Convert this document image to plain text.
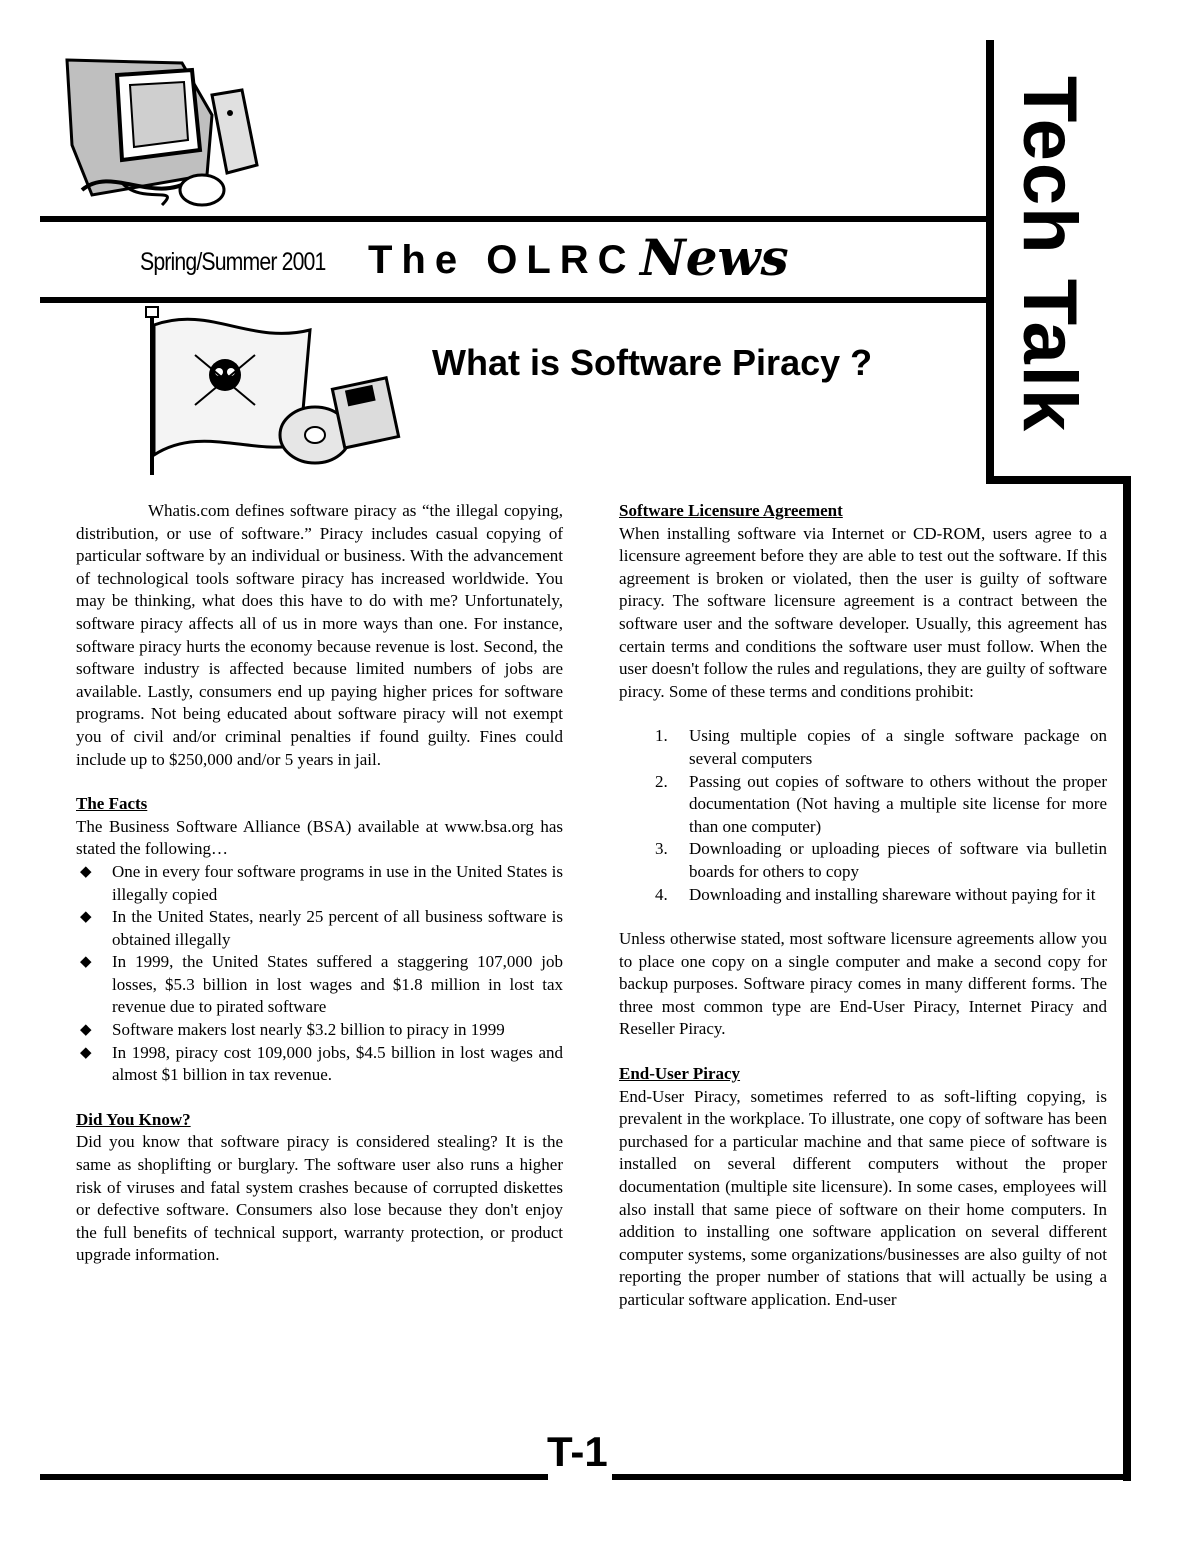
Spring/Summer 2001 The OLRC News	Tech Talk
What is Software Piracy ?

Whatis.com defines software piracy as “the illegal copying, distribution, or use of software.” Piracy includes casual copying of particular software by an individual or business. With the advancement of technological tools software piracy has increased worldwide. You may be thinking, what does this have to do with me? Unfortunately, software piracy affects all of us in more ways than one. For instance, software piracy hurts the economy because revenue is lost. Second, the software industry is affected because limited numbers of jobs are available. Lastly, consumers end up paying higher prices for software programs. Not being educated about software piracy will not exempt you of civil and/or criminal penalties if found guilty. Fines could include up to $250,000 and/or 5 years in jail.

The Facts

The Business Software Alliance (BSA) available at www.bsa.org has stated the following…

◆ One in every four software programs in use in the United States is illegally copied
◆ In the United States, nearly 25 percent of all business software is obtained illegally
◆ In 1999, the United States suffered a staggering 107,000 job losses, $5.3 billion in lost wages and $1.8 million in lost tax revenue due to pirated software
◆ Software makers lost nearly $3.2 billion to piracy in 1999
◆ In 1998, piracy cost 109,000 jobs, $4.5 billion in lost wages and almost $1 billion in tax revenue.

Did You Know?

Did you know that software piracy is considered stealing? It is the same as shoplifting or burglary. The software user also runs a higher risk of viruses and fatal system crashes because of corrupted diskettes or defective software. Consumers also lose because they don't enjoy the full benefits of technical support, warranty protection, or product upgrade information.

Software Licensure Agreement

When installing software via Internet or CD-ROM, users agree to a licensure agreement before they are able to test out the software. If this agreement is broken or violated, then the user is guilty of software piracy. The software licensure agreement is a contract between the software user and the software developer. Usually, this agreement has certain terms and conditions the software user must follow. When the user doesn't follow the rules and regulations, they are guilty of software piracy. Some of these terms and conditions prohibit:

1. Using multiple copies of a single software package on several computers
2. Passing out copies of software to others without the proper documentation (Not having a multiple site license for more than one computer)
3. Downloading or uploading pieces of software via bulletin boards for others to copy
4. Downloading and installing shareware without paying for it

Unless otherwise stated, most software licensure agreements allow you to place one copy on a single computer and make a second copy for backup purposes. Software piracy comes in many different forms. The three most common type are End-User Piracy, Internet Piracy and Reseller Piracy.

End-User Piracy

End-User Piracy, sometimes referred to as soft-lifting copying, is prevalent in the workplace. To illustrate, one copy of software has been purchased for a particular machine and that same piece of software is installed on several different computers without the proper documentation (multiple site licensure). In some cases, employees will also install that same piece of software on their home computers. In addition to installing one software application on several different computer systems, some organizations/businesses are also guilty of not reporting the proper number of stations that will actually be using a particular software application. End-user

T-1
